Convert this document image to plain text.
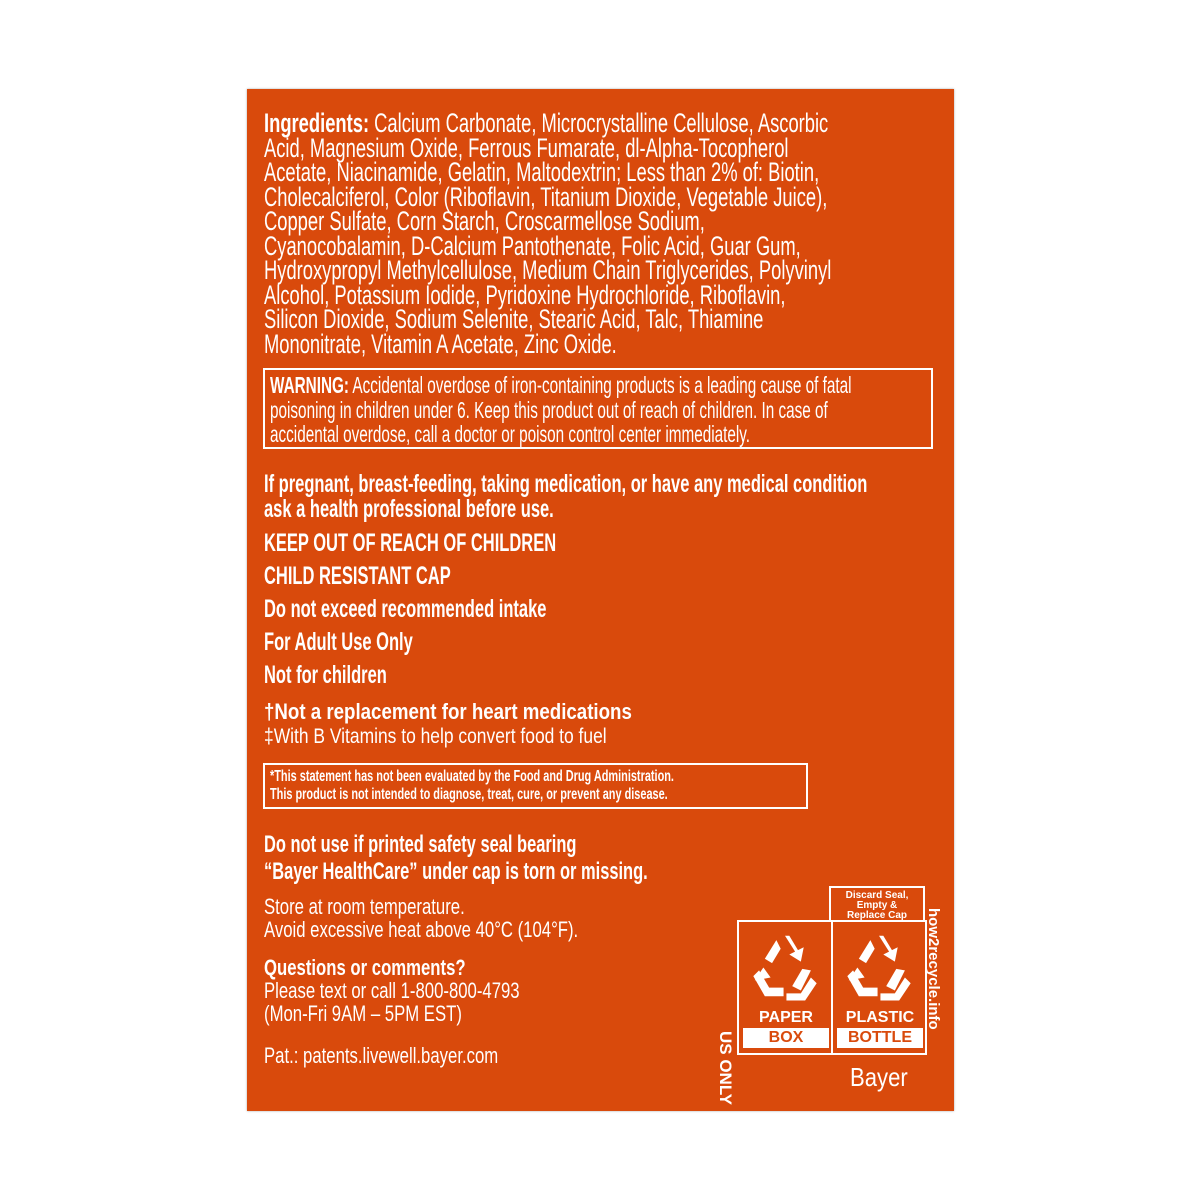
Ingredients: Calcium Carbonate, Microcrystalline Cellulose, Ascorbic
Acid, Magnesium Oxide, Ferrous Fumarate, dl-Alpha-Tocopherol
Acetate, Niacinamide, Gelatin, Maltodextrin; Less than 2% of: Biotin,
Cholecalciferol, Color (Riboflavin, Titanium Dioxide, Vegetable Juice),
Copper Sulfate, Corn Starch, Croscarmellose Sodium,
Cyanocobalamin, D-Calcium Pantothenate, Folic Acid, Guar Gum,
Hydroxypropyl Methylcellulose, Medium Chain Triglycerides, Polyvinyl
Alcohol, Potassium Iodide, Pyridoxine Hydrochloride, Riboflavin,
Silicon Dioxide, Sodium Selenite, Stearic Acid, Talc, Thiamine
Mononitrate, Vitamin A Acetate, Zinc Oxide.
WARNING: Accidental overdose of iron-containing products is a leading cause of fatal
poisoning in children under 6. Keep this product out of reach of children. In case of
accidental overdose, call a doctor or poison control center immediately.
If pregnant, breast-feeding, taking medication, or have any medical condition
ask a health professional before use.
KEEP OUT OF REACH OF CHILDREN
CHILD RESISTANT CAP
Do not exceed recommended intake
For Adult Use Only
Not for children
†Not a replacement for heart medications
‡With B Vitamins to help convert food to fuel
*This statement has not been evaluated by the Food and Drug Administration.
This product is not intended to diagnose, treat, cure, or prevent any disease.
Do not use if printed safety seal bearing
“Bayer HealthCare” under cap is torn or missing.
Store at room temperature.
Avoid excessive heat above 40°C (104°F).
Questions or comments?
Please text or call 1-800-800-4793
(Mon-Fri 9AM – 5PM EST)
Pat.: patents.livewell.bayer.com	US ONLY
Discard Seal,
Empty &
Replace Cap
PAPER
BOX
PLASTIC
BOTTLE
how2recycle.info
Bayer
